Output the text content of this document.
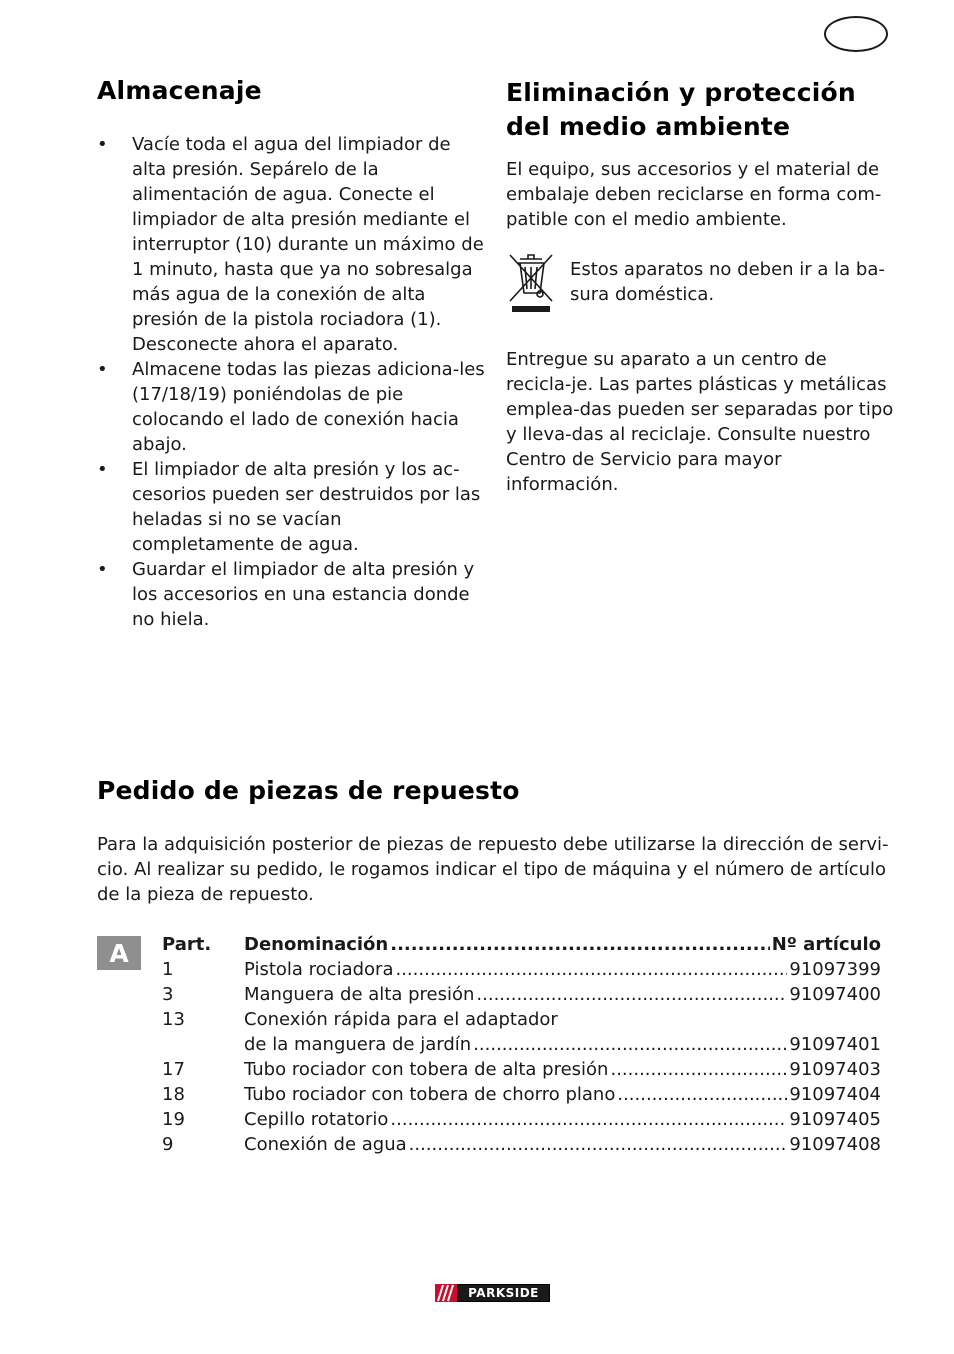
Almacenaje
• Vacíe toda el agua del limpiador de alta presión. Sepárelo de la alimentación de agua. Conecte el limpiador de alta presión mediante el interruptor (10) durante un máximo de 1 minuto, hasta que ya no sobresalga más agua de la conexión de alta presión de la pistola rociadora (1). Desconecte ahora el aparato.

• Almacene todas las piezas adiciona-les (17/18/19) poniéndolas de pie colocando el lado de conexión hacia abajo.

• El limpiador de alta presión y los ac-cesorios pueden ser destruidos por las heladas si no se vacían completamente de agua.

• Guardar el limpiador de alta presión y los accesorios en una estancia donde no hiela.

Eliminación y protección del medio ambiente

El equipo, sus accesorios y el material de embalaje deben reciclarse en forma com-patible con el medio ambiente.

Estos aparatos no deben ir a la ba-sura doméstica.

Entregue su aparato a un centro de recicla-je. Las partes plásticas y metálicas emplea-das pueden ser separadas por tipo y lleva-das al reciclaje. Consulte nuestro Centro de Servicio para mayor información.

Pedido de piezas de repuesto

Para la adquisición posterior de piezas de repuesto debe utilizarse la dirección de servi-cio. Al realizar su pedido, le rogamos indicar el tipo de máquina y el número de artículo de la pieza de repuesto.

A	Part.	Denominación .....	Nº artículo
1	Pistola rociadora .....	91097399
3	Manguera de alta presión .....	91097400
13	Conexión rápida para el adaptador
de la manguera de jardín .....	91097401
17	Tubo rociador con tobera de alta presión .....	91097403
18	Tubo rociador con tobera de chorro plano .....	91097404
19	Cepillo rotatorio .....	91097405
9	Conexión de agua .....	91097408
PARKSIDE
